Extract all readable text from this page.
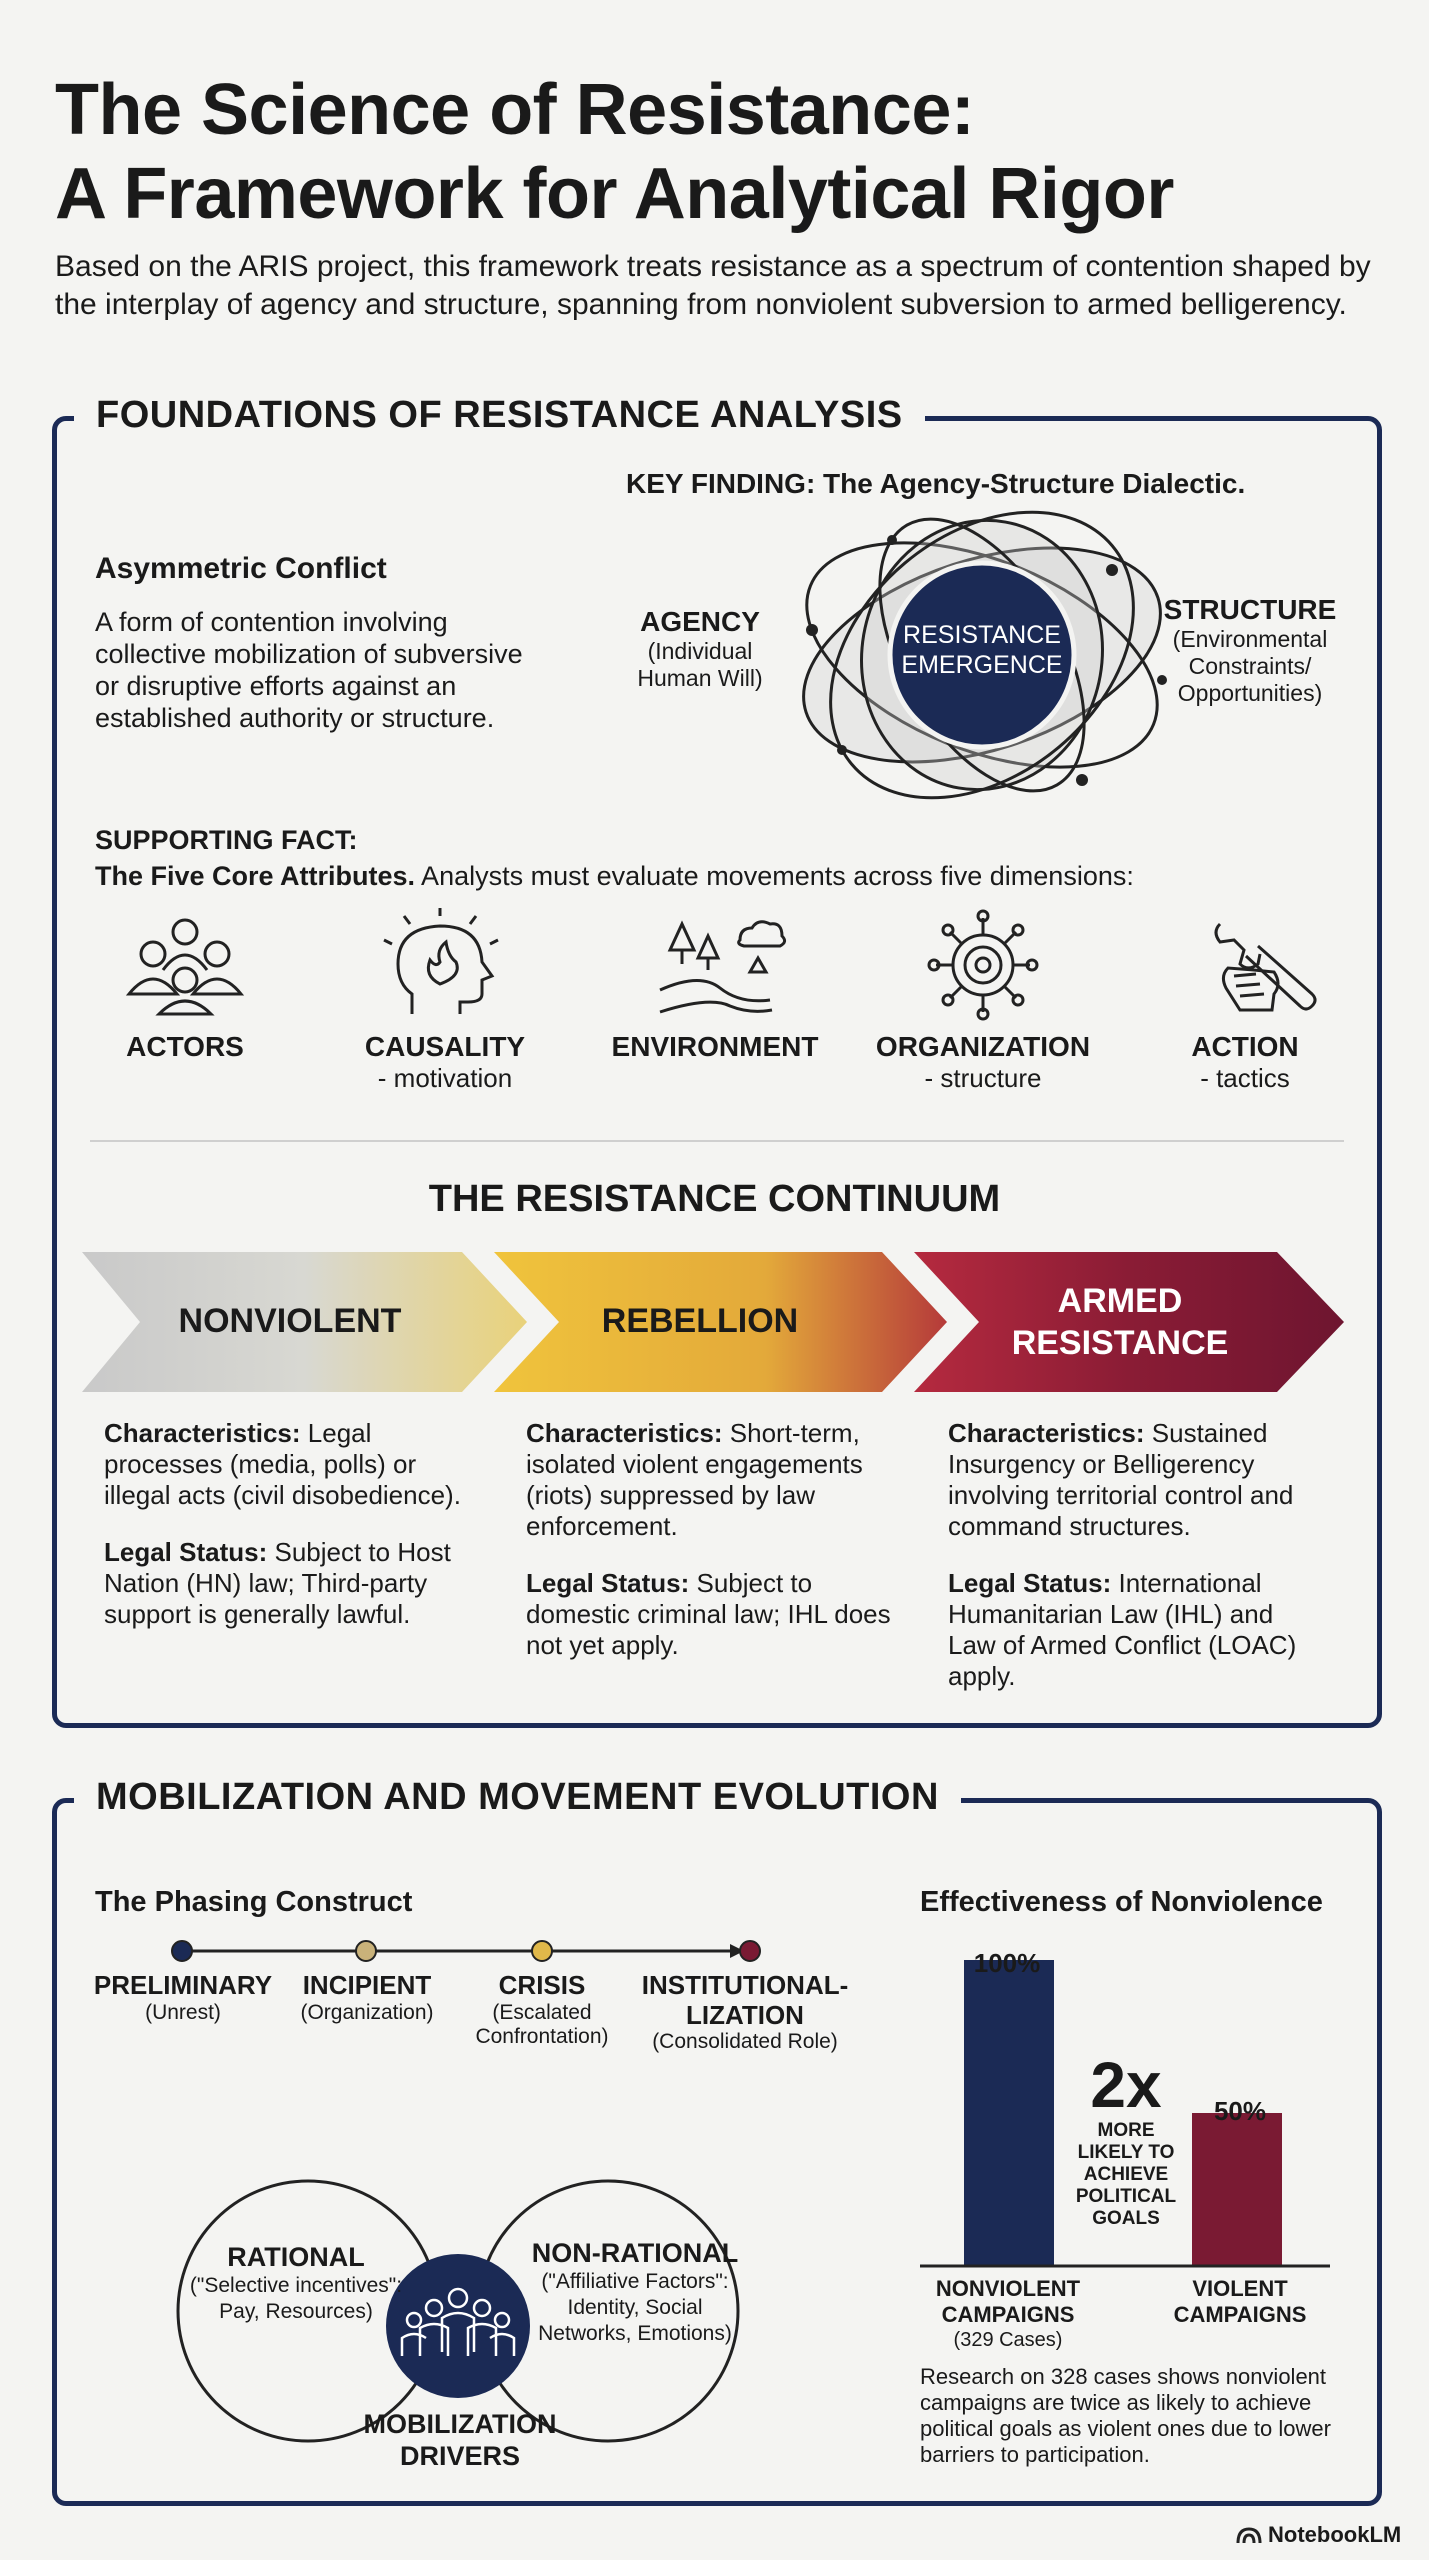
The Science of Resistance:
A Framework for Analytical Rigor
Based on the ARIS project, this framework treats resistance as a spectrum of contention shaped by the interplay of agency and structure, spanning from nonviolent subversion to armed belligerency.
FOUNDATIONS OF RESISTANCE ANALYSIS
KEY FINDING: The Agency-Structure Dialectic.
Asymmetric Conflict
A form of contention involving collective mobilization of subversive or disruptive efforts against an established authority or structure.
AGENCY
(Individual
Human Will)
RESISTANCE
EMERGENCE
STRUCTURE
(Environmental
Constraints/
Opportunities)
SUPPORTING FACT:
The Five Core Attributes. Analysts must evaluate movements across five dimensions:
ACTORS	CAUSALITY
- motivation
ENVIRONMENT	ORGANIZATION
- structure
ACTION
- tactics
THE RESISTANCE CONTINUUM
NONVIOLENT	REBELLION
ARMED
RESISTANCE
Characteristics: Legal processes (media, polls) or illegal acts (civil disobedience).
Legal Status: Subject to Host Nation (HN) law; Third-party support is generally lawful.
Characteristics: Short-term, isolated violent engagements (riots) suppressed by law enforcement.
Legal Status: Subject to domestic criminal law; IHL does not yet apply.
Characteristics: Sustained Insurgency or Belligerency involving territorial control and command structures.
Legal Status: International Humanitarian Law (IHL) and Law of Armed Conflict (LOAC) apply.
MOBILIZATION AND MOVEMENT EVOLUTION
The Phasing Construct
PRELIMINARY
(Unrest)
INCIPIENT
(Organization)
CRISIS
(Escalated
Confrontation)
INSTITUTIONAL-
LIZATION
(Consolidated Role)
RATIONAL
("Selective incentives":
Pay, Resources)
NON-RATIONAL
("Affiliative Factors":
Identity, Social
Networks, Emotions)
MOBILIZATION
DRIVERS
Effectiveness of Nonviolence
100%
50%
2x
MORE
LIKELY TO
ACHIEVE
POLITICAL
GOALS
NONVIOLENT
CAMPAIGNS
(329 Cases)
VIOLENT
CAMPAIGNS
Research on 328 cases shows nonviolent campaigns are twice as likely to achieve political goals as violent ones due to lower barriers to participation.
NotebookLM
